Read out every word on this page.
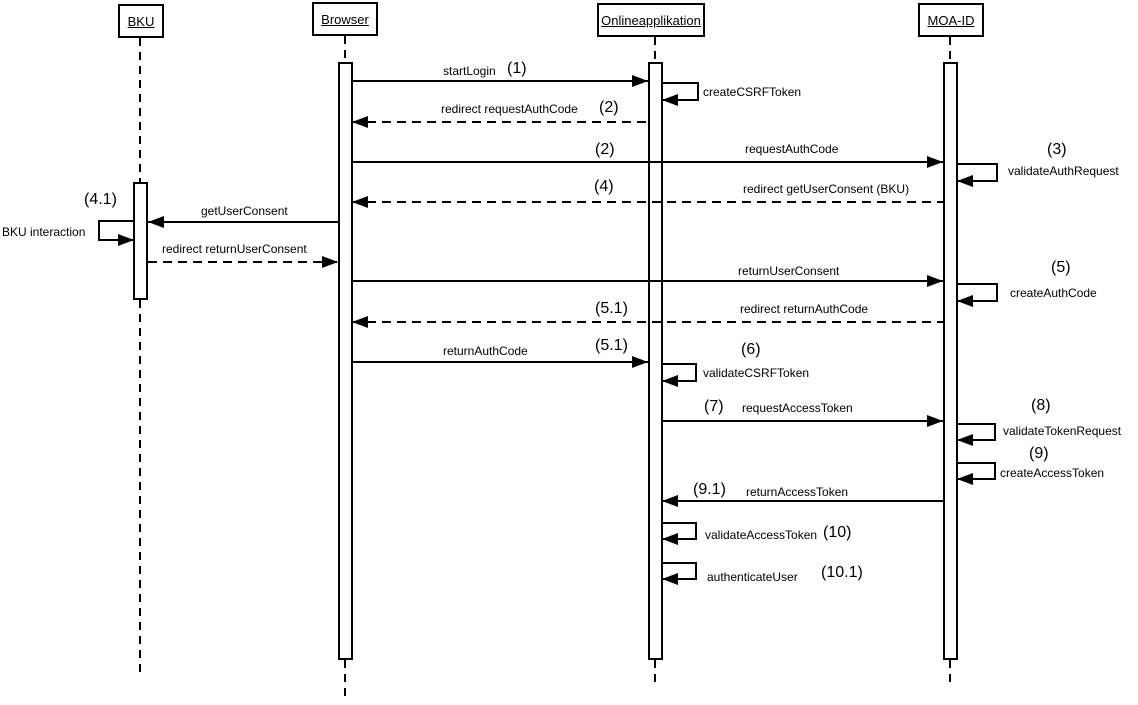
BKU	Browser	Onlineapplikation	MOA-ID
startLogin (1)
createCSRFToken
redirect requestAuthCode (2)
(2)	requestAuthCode	(3)
validateAuthRequest
(4)	redirect getUserConsent (BKU)
(4.1)
getUserConsent
BKU interaction
redirect returnUserConsent
returnUserConsent	(5)
createAuthCode
(5.1)	redirect returnAuthCode
returnAuthCode	(5.1)	(6)
validateCSRFToken
(7) requestAccessToken	(8)
validateTokenRequest
(9)
createAccessToken
(9.1) returnAccessToken
validateAccessToken (10)
authenticateUser (10.1)
